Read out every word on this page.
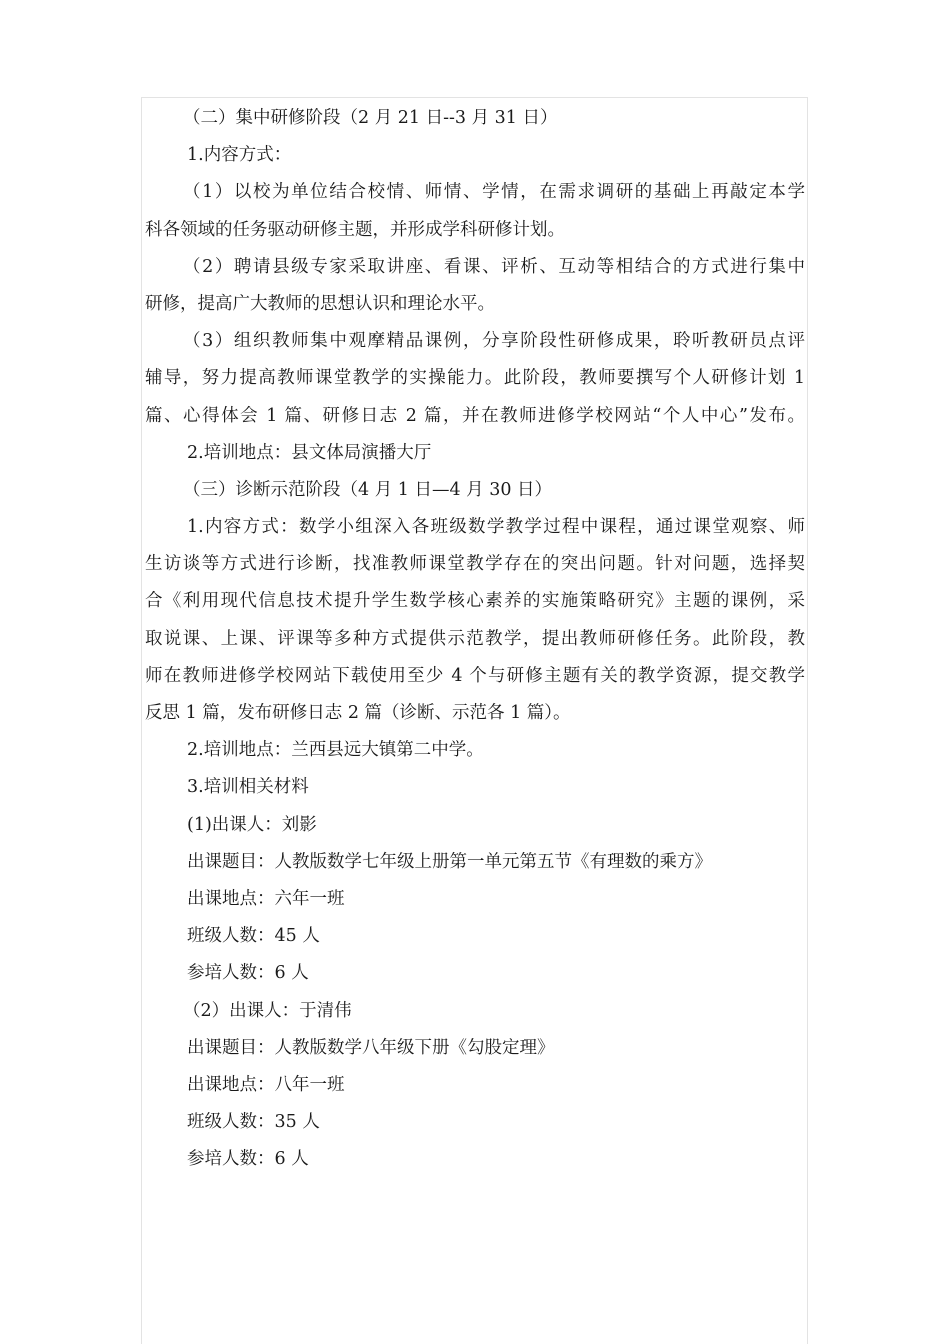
（二）集中研修阶段（2 月 21 日--3 月 31 日）

1.内容方式：

（1）以校为单位结合校情、师情、学情，在需求调研的基础上再敲定本学

科各领域的任务驱动研修主题，并形成学科研修计划。

（2）聘请县级专家采取讲座、看课、评析、互动等相结合的方式进行集中

研修，提高广大教师的思想认识和理论水平。

（3）组织教师集中观摩精品课例，分享阶段性研修成果，聆听教研员点评

辅导，努力提高教师课堂教学的实操能力。此阶段，教师要撰写个人研修计划 1

篇、心得体会 1 篇、研修日志 2 篇，并在教师进修学校网站“个人中心”发布。

2.培训地点：县文体局演播大厅

（三）诊断示范阶段（4 月 1 日—4 月 30 日）

1.内容方式：数学小组深入各班级数学教学过程中课程，通过课堂观察、师

生访谈等方式进行诊断，找准教师课堂教学存在的突出问题。针对问题，选择契

合《利用现代信息技术提升学生数学核心素养的实施策略研究》主题的课例，采

取说课、上课、评课等多种方式提供示范教学，提出教师研修任务。此阶段，教

师在教师进修学校网站下载使用至少 4 个与研修主题有关的教学资源，提交教学

反思 1 篇，发布研修日志 2 篇（诊断、示范各 1 篇）。

2.培训地点：兰西县远大镇第二中学。

3.培训相关材料

(1)出课人：刘影

出课题目：人教版数学七年级上册第一单元第五节《有理数的乘方》

出课地点：六年一班

班级人数：45 人

参培人数：6 人

（2）出课人：于清伟

出课题目：人教版数学八年级下册《勾股定理》

出课地点：八年一班

班级人数：35 人

参培人数：6 人
